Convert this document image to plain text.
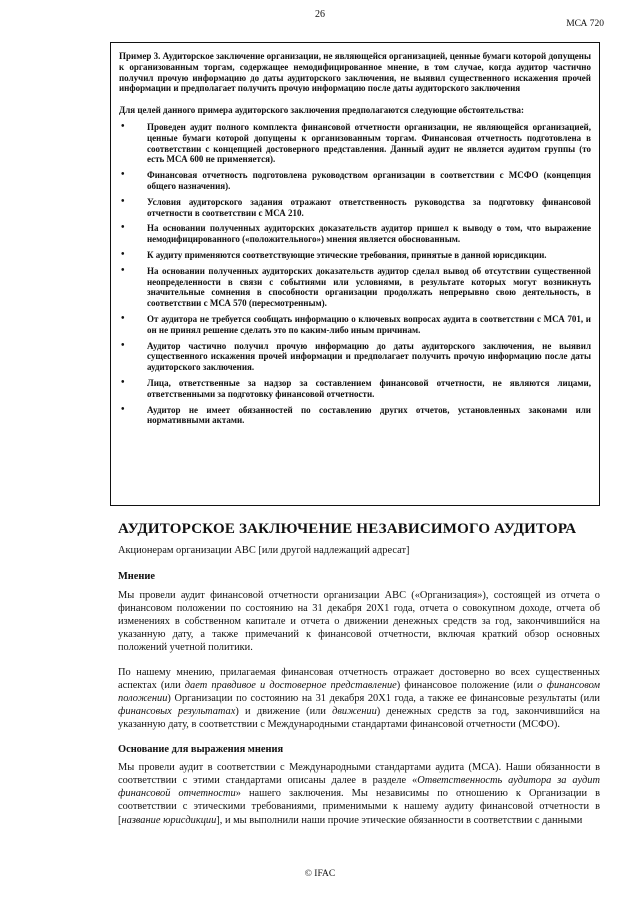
26
МСА 720

Пример 3. Аудиторское заключение организации, не являющейся организацией, ценные бумаги которой допущены к организованным торгам, содержащее немодифицированное мнение, в том случае, когда аудитор частично получил прочую информацию до даты аудиторского заключения, не выявил существенного искажения прочей информации и предполагает получить прочую информацию после даты аудиторского заключения

Для целей данного примера аудиторского заключения предполагаются следующие обстоятельства:

• Проведен аудит полного комплекта финансовой отчетности организации, не являющейся организацией, ценные бумаги которой допущены к организованным торгам. Финансовая отчетность подготовлена в соответствии с концепцией достоверного представления. Данный аудит не является аудитом группы (то есть МСА 600 не применяется).
• Финансовая отчетность подготовлена руководством организации в соответствии с МСФО (концепция общего назначения).
• Условия аудиторского задания отражают ответственность руководства за подготовку финансовой отчетности в соответствии с МСА 210.
• На основании полученных аудиторских доказательств аудитор пришел к выводу о том, что выражение немодифицированного («положительного») мнения является обоснованным.
• К аудиту применяются соответствующие этические требования, принятые в данной юрисдикции.
• На основании полученных аудиторских доказательств аудитор сделал вывод об отсутствии существенной неопределенности в связи с событиями или условиями, в результате которых могут возникнуть значительные сомнения в способности организации продолжать непрерывно свою деятельность, в соответствии с МСА 570 (пересмотренным).
• От аудитора не требуется сообщать информацию о ключевых вопросах аудита в соответствии с МСА 701, и он не принял решение сделать это по каким-либо иным причинам.
• Аудитор частично получил прочую информацию до даты аудиторского заключения, не выявил существенного искажения прочей информации и предполагает получить прочую информацию после даты аудиторского заключения.
• Лица, ответственные за надзор за составлением финансовой отчетности, не являются лицами, ответственными за подготовку финансовой отчетности.
• Аудитор не имеет обязанностей по составлению других отчетов, установленных законами или нормативными актами.
АУДИТОРСКОЕ ЗАКЛЮЧЕНИЕ НЕЗАВИСИМОГО АУДИТОРА

Акционерам организации АВС [или другой надлежащий адресат]

Мнение

Мы провели аудит финансовой отчетности организации АВС («Организация»), состоящей из отчета о финансовом положении по состоянию на 31 декабря 20Х1 года, отчета о совокупном доходе, отчета об изменениях в собственном капитале и отчета о движении денежных средств за год, закончившийся на указанную дату, а также примечаний к финансовой отчетности, включая краткий обзор основных положений учетной политики.

По нашему мнению, прилагаемая финансовая отчетность отражает достоверно во всех существенных аспектах (или дает правдивое и достоверное представление) финансовое положение (или о финансовом положении) Организации по состоянию на 31 декабря 20Х1 года, а также ее финансовые результаты (или финансовых результатах) и движение (или движении) денежных средств за год, закончившийся на указанную дату, в соответствии с Международными стандартами финансовой отчетности (МСФО).

Основание для выражения мнения

Мы провели аудит в соответствии с Международными стандартами аудита (МСА). Наши обязанности в соответствии с этими стандартами описаны далее в разделе «Ответственность аудитора за аудит финансовой отчетности» нашего заключения. Мы независимы по отношению к Организации в соответствии с этическими требованиями, применимыми к нашему аудиту финансовой отчетности в [название юрисдикции], и мы выполнили наши прочие этические обязанности в соответствии с данными

© IFAC
